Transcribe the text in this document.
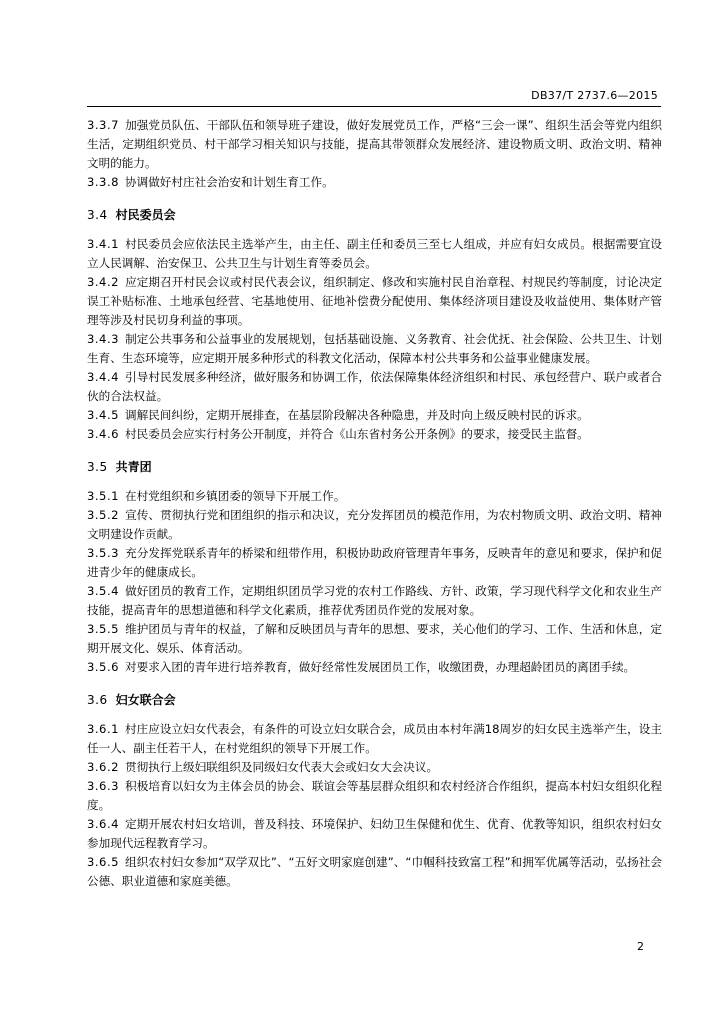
DB37/T 2737.6—2015

3.3.7 加强党员队伍、干部队伍和领导班子建设，做好发展党员工作，严格“三会一课”、组织生活会等党内组织生活，定期组织党员、村干部学习相关知识与技能，提高其带领群众发展经济、建设物质文明、政治文明、精神文明的能力。

3.3.8 协调做好村庄社会治安和计划生育工作。

3.4 村民委员会

3.4.1 村民委员会应依法民主选举产生，由主任、副主任和委员三至七人组成，并应有妇女成员。根据需要宜设立人民调解、治安保卫、公共卫生与计划生育等委员会。

3.4.2 应定期召开村民会议或村民代表会议，组织制定、修改和实施村民自治章程、村规民约等制度，讨论决定误工补贴标准、土地承包经营、宅基地使用、征地补偿费分配使用、集体经济项目建设及收益使用、集体财产管理等涉及村民切身利益的事项。

3.4.3 制定公共事务和公益事业的发展规划，包括基础设施、义务教育、社会优抚、社会保险、公共卫生、计划生育、生态环境等，应定期开展多种形式的科教文化活动，保障本村公共事务和公益事业健康发展。

3.4.4 引导村民发展多种经济，做好服务和协调工作，依法保障集体经济组织和村民、承包经营户、联户或者合伙的合法权益。

3.4.5 调解民间纠纷，定期开展排查，在基层阶段解决各种隐患，并及时向上级反映村民的诉求。

3.4.6 村民委员会应实行村务公开制度，并符合《山东省村务公开条例》的要求，接受民主监督。

3.5 共青团

3.5.1 在村党组织和乡镇团委的领导下开展工作。

3.5.2 宣传、贯彻执行党和团组织的指示和决议，充分发挥团员的模范作用，为农村物质文明、政治文明、精神文明建设作贡献。

3.5.3 充分发挥党联系青年的桥梁和纽带作用，积极协助政府管理青年事务，反映青年的意见和要求，保护和促进青少年的健康成长。

3.5.4 做好团员的教育工作，定期组织团员学习党的农村工作路线、方针、政策，学习现代科学文化和农业生产技能，提高青年的思想道德和科学文化素质，推荐优秀团员作党的发展对象。

3.5.5 维护团员与青年的权益，了解和反映团员与青年的思想、要求，关心他们的学习、工作、生活和休息，定期开展文化、娱乐、体育活动。

3.5.6 对要求入团的青年进行培养教育，做好经常性发展团员工作，收缴团费，办理超龄团员的离团手续。

3.6 妇女联合会

3.6.1 村庄应设立妇女代表会，有条件的可设立妇女联合会，成员由本村年满18周岁的妇女民主选举产生，设主任一人、副主任若干人，在村党组织的领导下开展工作。

3.6.2 贯彻执行上级妇联组织及同级妇女代表大会或妇女大会决议。

3.6.3 积极培育以妇女为主体会员的协会、联谊会等基层群众组织和农村经济合作组织，提高本村妇女组织化程度。

3.6.4 定期开展农村妇女培训，普及科技、环境保护、妇幼卫生保健和优生、优育、优教等知识，组织农村妇女参加现代远程教育学习。

3.6.5 组织农村妇女参加“双学双比”、“五好文明家庭创建”、“巾帼科技致富工程”和拥军优属等活动，弘扬社会公德、职业道德和家庭美德。

2
